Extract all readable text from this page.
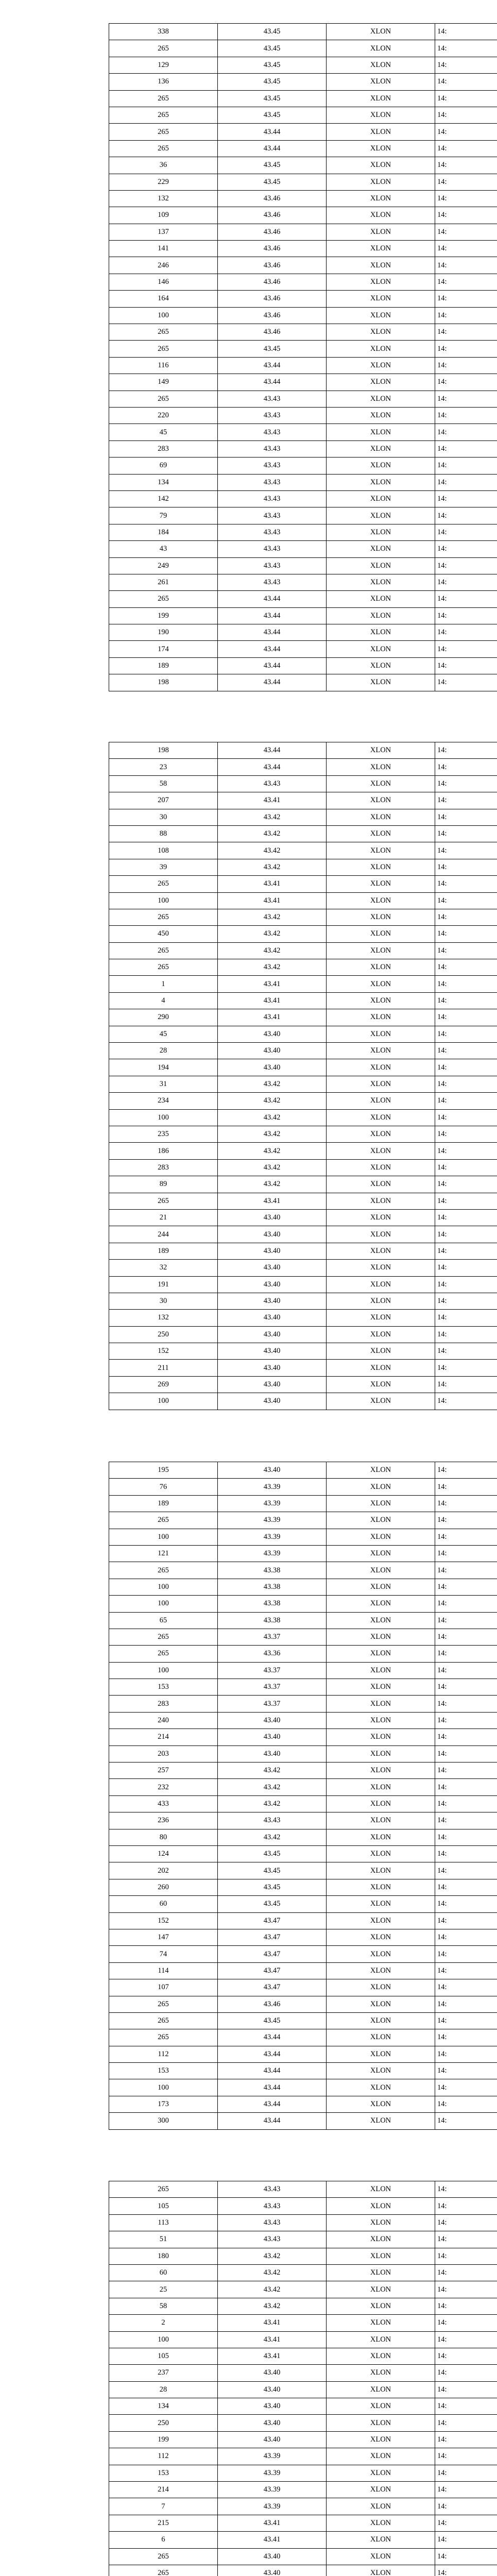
338	43.45	XLON	14:
265	43.45	XLON	14:
129	43.45	XLON	14:
136	43.45	XLON	14:
265	43.45	XLON	14:
265	43.45	XLON	14:
265	43.44	XLON	14:
265	43.44	XLON	14:
36	43.45	XLON	14:
229	43.45	XLON	14:
132	43.46	XLON	14:
109	43.46	XLON	14:
137	43.46	XLON	14:
141	43.46	XLON	14:
246	43.46	XLON	14:
146	43.46	XLON	14:
164	43.46	XLON	14:
100	43.46	XLON	14:
265	43.46	XLON	14:
265	43.45	XLON	14:
116	43.44	XLON	14:
149	43.44	XLON	14:
265	43.43	XLON	14:
220	43.43	XLON	14:
45	43.43	XLON	14:
283	43.43	XLON	14:
69	43.43	XLON	14:
134	43.43	XLON	14:
142	43.43	XLON	14:
79	43.43	XLON	14:
184	43.43	XLON	14:
43	43.43	XLON	14:
249	43.43	XLON	14:
261	43.43	XLON	14:
265	43.44	XLON	14:
199	43.44	XLON	14:
190	43.44	XLON	14:
174	43.44	XLON	14:
189	43.44	XLON	14:
198	43.44	XLON	14:
198	43.44	XLON	14:
23	43.44	XLON	14:
58	43.43	XLON	14:
207	43.41	XLON	14:
30	43.42	XLON	14:
88	43.42	XLON	14:
108	43.42	XLON	14:
39	43.42	XLON	14:
265	43.41	XLON	14:
100	43.41	XLON	14:
265	43.42	XLON	14:
450	43.42	XLON	14:
265	43.42	XLON	14:
265	43.42	XLON	14:
1	43.41	XLON	14:
4	43.41	XLON	14:
290	43.41	XLON	14:
45	43.40	XLON	14:
28	43.40	XLON	14:
194	43.40	XLON	14:
31	43.42	XLON	14:
234	43.42	XLON	14:
100	43.42	XLON	14:
235	43.42	XLON	14:
186	43.42	XLON	14:
283	43.42	XLON	14:
89	43.42	XLON	14:
265	43.41	XLON	14:
21	43.40	XLON	14:
244	43.40	XLON	14:
189	43.40	XLON	14:
32	43.40	XLON	14:
191	43.40	XLON	14:
30	43.40	XLON	14:
132	43.40	XLON	14:
250	43.40	XLON	14:
152	43.40	XLON	14:
211	43.40	XLON	14:
269	43.40	XLON	14:
100	43.40	XLON	14:
195	43.40	XLON	14:
76	43.39	XLON	14:
189	43.39	XLON	14:
265	43.39	XLON	14:
100	43.39	XLON	14:
121	43.39	XLON	14:
265	43.38	XLON	14:
100	43.38	XLON	14:
100	43.38	XLON	14:
65	43.38	XLON	14:
265	43.37	XLON	14:
265	43.36	XLON	14:
100	43.37	XLON	14:
153	43.37	XLON	14:
283	43.37	XLON	14:
240	43.40	XLON	14:
214	43.40	XLON	14:
203	43.40	XLON	14:
257	43.42	XLON	14:
232	43.42	XLON	14:
433	43.42	XLON	14:
236	43.43	XLON	14:
80	43.42	XLON	14:
124	43.45	XLON	14:
202	43.45	XLON	14:
260	43.45	XLON	14:
60	43.45	XLON	14:
152	43.47	XLON	14:
147	43.47	XLON	14:
74	43.47	XLON	14:
114	43.47	XLON	14:
107	43.47	XLON	14:
265	43.46	XLON	14:
265	43.45	XLON	14:
265	43.44	XLON	14:
112	43.44	XLON	14:
153	43.44	XLON	14:
100	43.44	XLON	14:
173	43.44	XLON	14:
300	43.44	XLON	14:
265	43.43	XLON	14:
105	43.43	XLON	14:
113	43.43	XLON	14:
51	43.43	XLON	14:
180	43.42	XLON	14:
60	43.42	XLON	14:
25	43.42	XLON	14:
58	43.42	XLON	14:
2	43.41	XLON	14:
100	43.41	XLON	14:
105	43.41	XLON	14:
237	43.40	XLON	14:
28	43.40	XLON	14:
134	43.40	XLON	14:
250	43.40	XLON	14:
199	43.40	XLON	14:
112	43.39	XLON	14:
153	43.39	XLON	14:
214	43.39	XLON	14:
7	43.39	XLON	14:
215	43.41	XLON	14:
6	43.41	XLON	14:
265	43.40	XLON	14:
265	43.40	XLON	14:
